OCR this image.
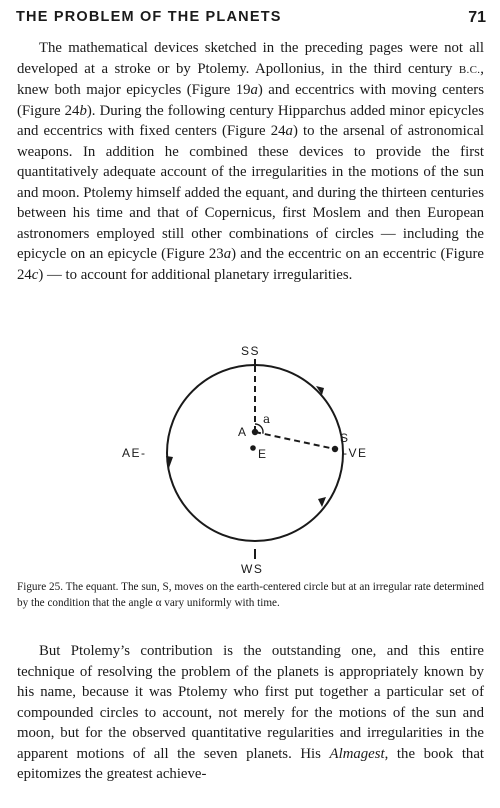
THE PROBLEM OF THE PLANETS	71

The mathematical devices sketched in the preceding pages were not all developed at a stroke or by Ptolemy. Apollonius, in the third century B.C., knew both major epicycles (Figure 19a) and eccentrics with moving centers (Figure 24b). During the following century Hipparchus added minor epicycles and eccentrics with fixed centers (Figure 24a) to the arsenal of astronomical weapons. In addition he combined these devices to provide the first quantitatively adequate account of the irregularities in the motions of the sun and moon. Ptolemy himself added the equant, and during the thirteen centuries between his time and that of Copernicus, first Moslem and then European astronomers employed still other combinations of circles — including the epicycle on an epicycle (Figure 23a) and the eccentric on an eccentric (Figure 24c) — to account for additional planetary irregularities.

SS
WS
AE-	-VE
A
E
S
a

Figure 25. The equant. The sun, S, moves on the earth-centered circle but at an irregular rate determined by the condition that the angle α vary uniformly with time.

But Ptolemy’s contribution is the outstanding one, and this entire technique of resolving the problem of the planets is appropriately known by his name, because it was Ptolemy who first put together a particular set of compounded circles to account, not merely for the motions of the sun and moon, but for the observed quantitative regularities and irregularities in the apparent motions of all the seven planets. His Almagest, the book that epitomizes the greatest achieve-
